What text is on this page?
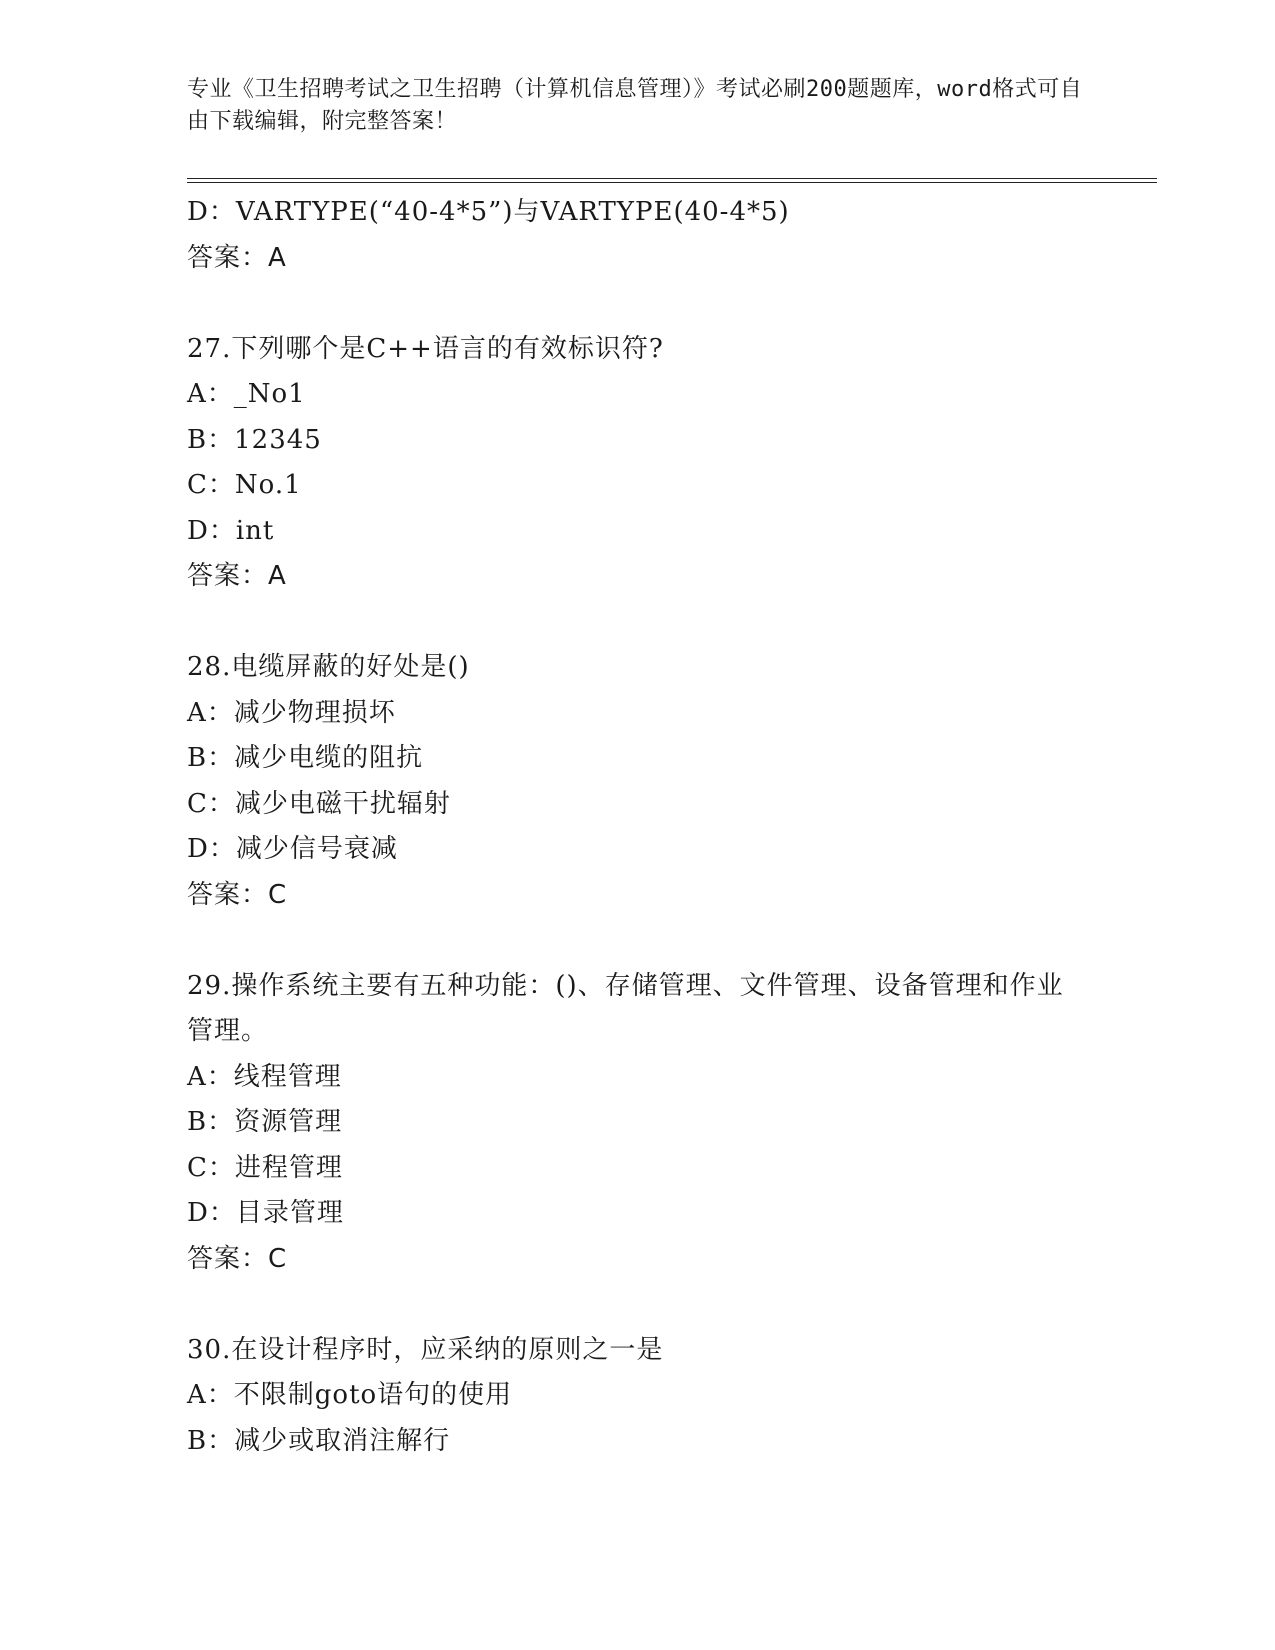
专业《卫生招聘考试之卫生招聘（计算机信息管理）》考试必刷200题题库，word格式可自由下载编辑，附完整答案！
D：VARTYPE(“40-4*5”)与VARTYPE(40-4*5)
答案：A
27.下列哪个是C++语言的有效标识符?
A：_No1
B：12345
C：No.1
D：int
答案：A
28.电缆屏蔽的好处是()
A：减少物理损坏
B：减少电缆的阻抗
C：减少电磁干扰辐射
D：减少信号衰减
答案：C
29.操作系统主要有五种功能：()、存储管理、文件管理、设备管理和作业管理。
A：线程管理
B：资源管理
C：进程管理
D：目录管理
答案：C
30.在设计程序时，应采纳的原则之一是
A：不限制goto语句的使用
B：减少或取消注解行
